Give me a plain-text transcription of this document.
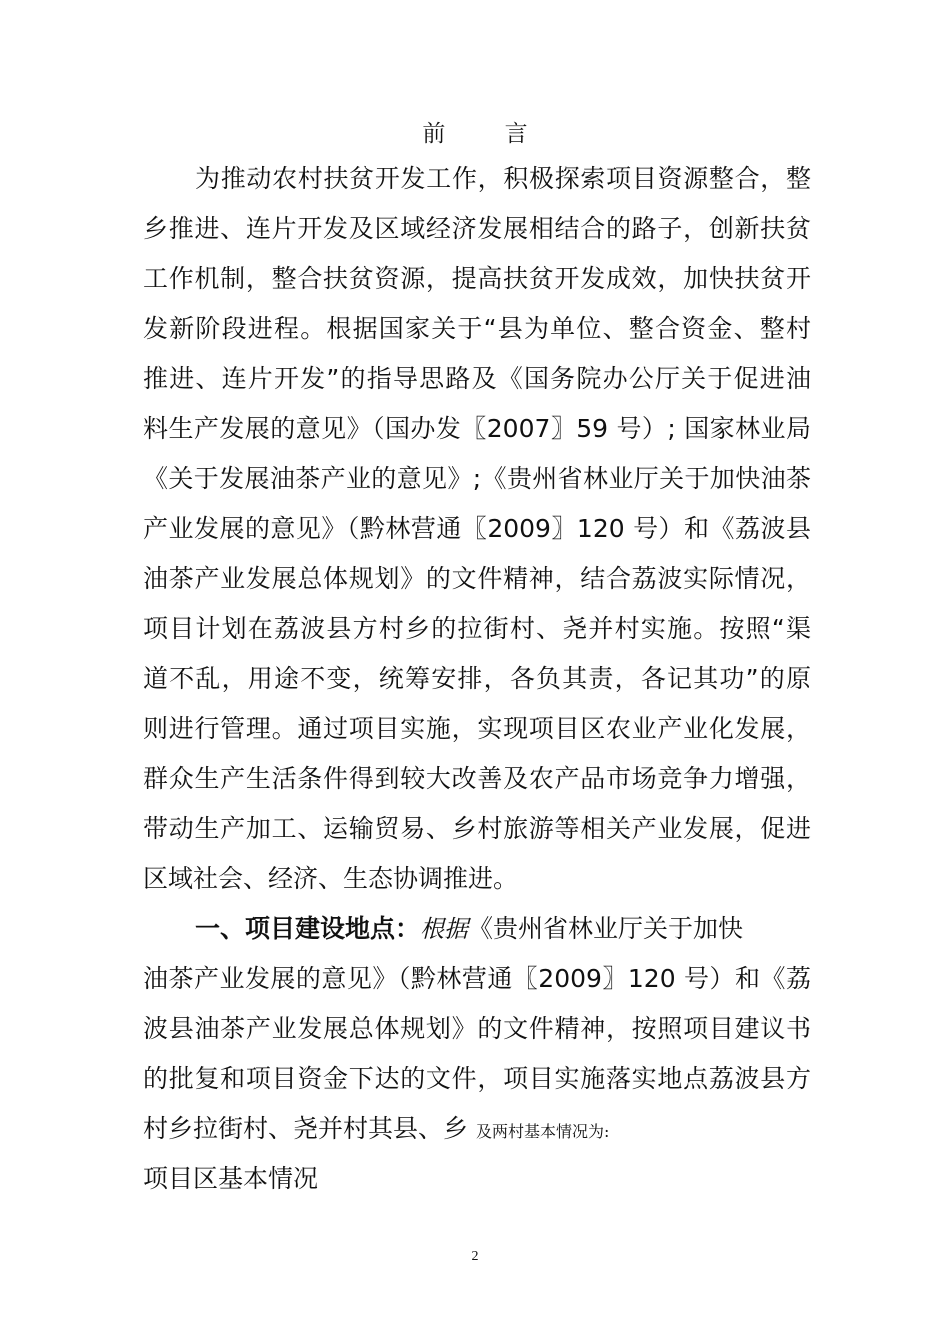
前 言
为推动农村扶贫开发工作，积极探索项目资源整合，整
乡推进、连片开发及区域经济发展相结合的路子，创新扶贫
工作机制，整合扶贫资源，提高扶贫开发成效，加快扶贫开
发新阶段进程。根据国家关于“县为单位、整合资金、整村
推进、连片开发”的指导思路及《国务院办公厅关于促进油
料生产发展的意见》（国办发〖2007〗59 号）; 国家林业局
《关于发展油茶产业的意见》;《贵州省林业厅关于加快油茶
产业发展的意见》（黔林营通〖2009〗120 号）和《荔波县
油茶产业发展总体规划》的文件精神，结合荔波实际情况，
项目计划在荔波县方村乡的拉街村、尧并村实施。按照“渠
道不乱，用途不变，统筹安排，各负其责，各记其功”的原
则进行管理。通过项目实施，实现项目区农业产业化发展，
群众生产生活条件得到较大改善及农产品市场竞争力增强，
带动生产加工、运输贸易、乡村旅游等相关产业发展，促进
区域社会、经济、生态协调推进。
一、项目建设地点：根据《贵州省林业厅关于加快
油茶产业发展的意见》（黔林营通〖2009〗120 号）和《荔
波县油茶产业发展总体规划》的文件精神，按照项目建议书
的批复和项目资金下达的文件，项目实施落实地点荔波县方
村乡拉街村、尧并村其县、乡 及两村基本情况为:
项目区基本情况
2
